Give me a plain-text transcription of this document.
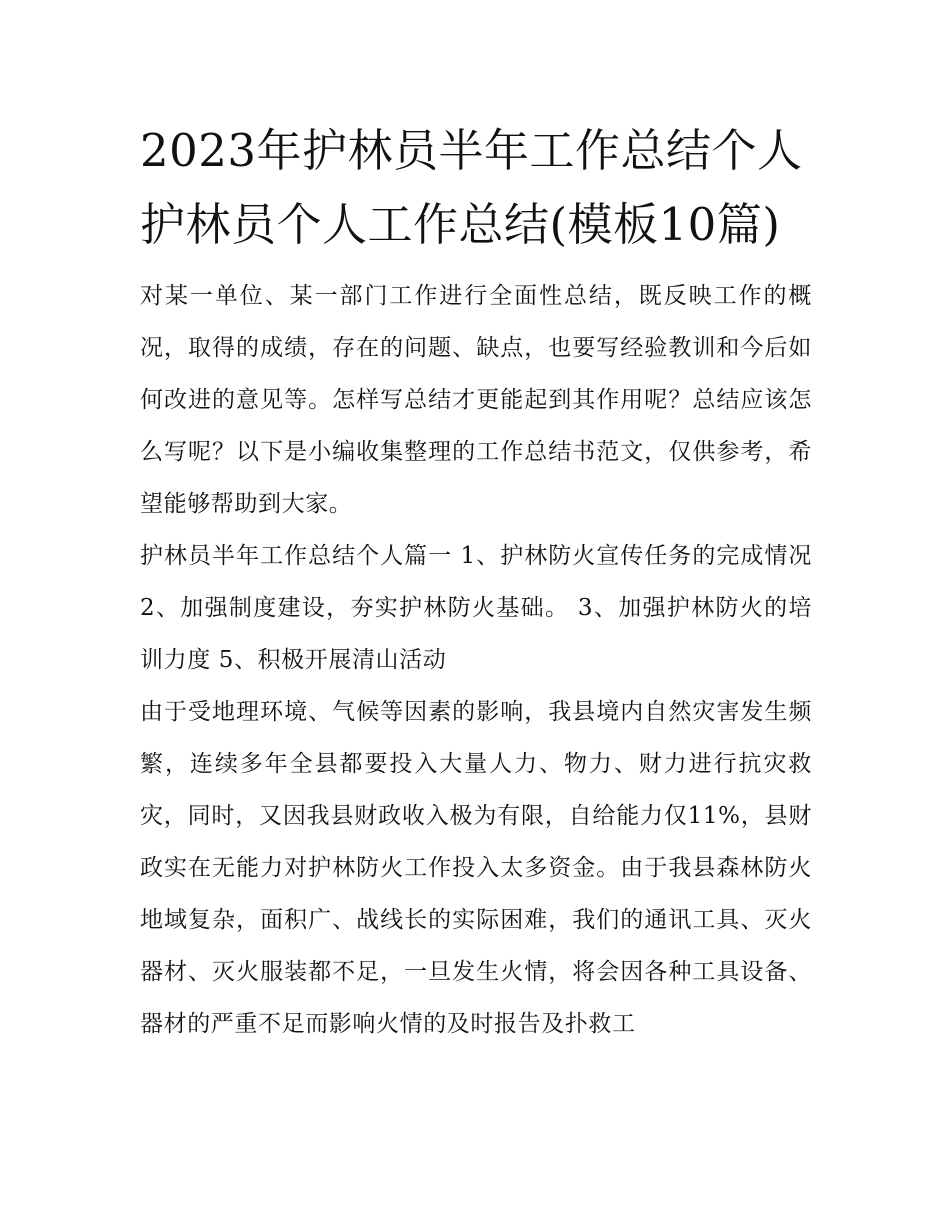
2023年护林员半年工作总结个人 护林员个人工作总结(模板10篇)

对某一单位、某一部门工作进行全面性总结，既反映工作的概况，取得的成绩，存在的问题、缺点，也要写经验教训和今后如何改进的意见等。怎样写总结才更能起到其作用呢？总结应该怎么写呢？以下是小编收集整理的工作总结书范文，仅供参考，希望能够帮助到大家。

护林员半年工作总结个人篇一 1、护林防火宣传任务的完成情况 2、加强制度建设，夯实护林防火基础。 3、加强护林防火的培训力度 5、积极开展清山活动

由于受地理环境、气候等因素的影响，我县境内自然灾害发生频繁，连续多年全县都要投入大量人力、物力、财力进行抗灾救灾，同时，又因我县财政收入极为有限，自给能力仅11%，县财政实在无能力对护林防火工作投入太多资金。由于我县森林防火地域复杂，面积广、战线长的实际困难，我们的通讯工具、灭火器材、灭火服装都不足，一旦发生火情，将会因各种工具设备、器材的严重不足而影响火情的及时报告及扑救工
